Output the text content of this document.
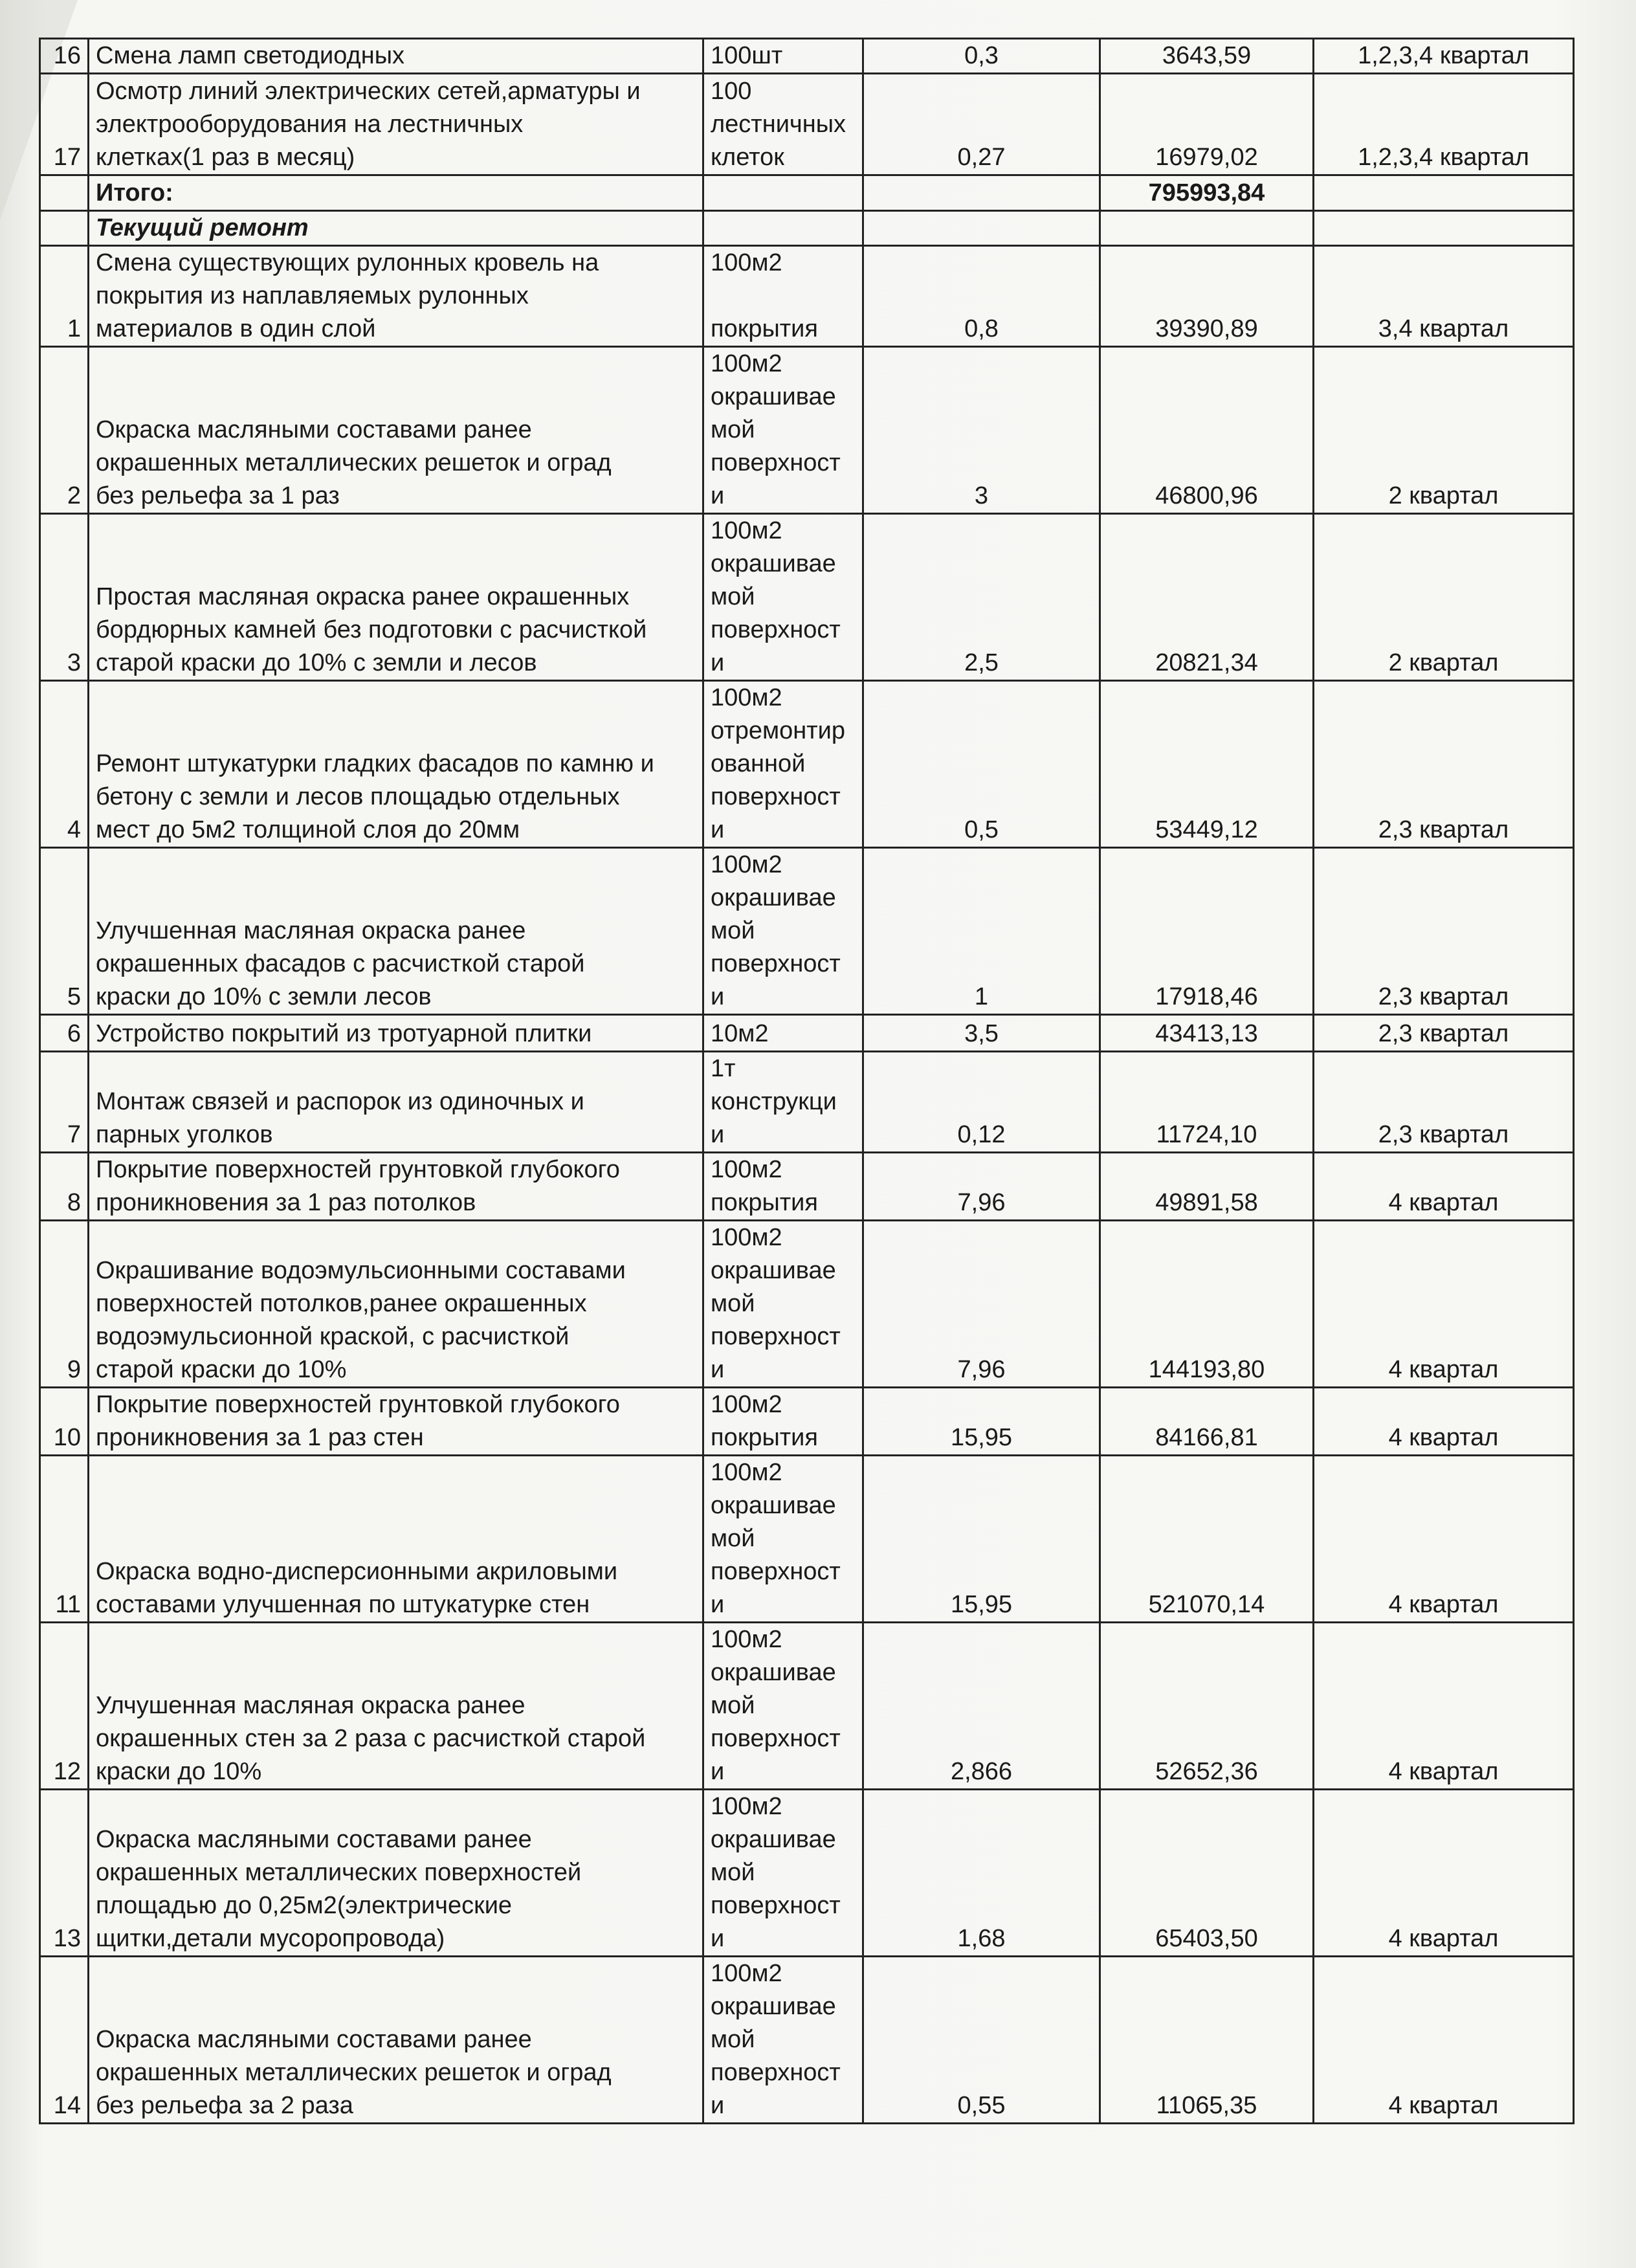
16	Смена ламп светодиодных	100шт	0,3	3643,59	1,2,3,4 квартал
17	Осмотр линий электрических сетей,арматуры и
электрооборудования на лестничных
клетках(1 раз в месяц)	100
лестничных
клеток	0,27	16979,02	1,2,3,4 квартал
	Итого:			795993,84	
	Текущий ремонт				
1	Смена существующих рулонных кровель на
покрытия из наплавляемых рулонных
материалов в один слой	100м2

покрытия	0,8	39390,89	3,4 квартал
2	Окраска масляными составами ранее
окрашенных металлических решеток и оград
без рельефа за 1 раз	100м2
окрашивае
мой
поверхност
и	3	46800,96	2 квартал
3	Простая масляная окраска ранее окрашенных
бордюрных камней без подготовки с расчисткой
старой краски до 10% с земли и лесов	100м2
окрашивае
мой
поверхност
и	2,5	20821,34	2 квартал
4	Ремонт штукатурки гладких фасадов по камню и
бетону с земли и лесов площадью отдельных
мест до 5м2 толщиной слоя до 20мм	100м2
отремонтир
ованной
поверхност
и	0,5	53449,12	2,3 квартал
5	Улучшенная масляная окраска ранее
окрашенных фасадов с расчисткой старой
краски до 10% с земли лесов	100м2
окрашивае
мой
поверхност
и	1	17918,46	2,3 квартал
6	Устройство покрытий из тротуарной плитки	10м2	3,5	43413,13	2,3 квартал
7	Монтаж связей и распорок из одиночных и
парных уголков	1т
конструкци
и	0,12	11724,10	2,3 квартал
8	Покрытие поверхностей грунтовкой глубокого
проникновения за 1 раз потолков	100м2
покрытия	7,96	49891,58	4 квартал
9	Окрашивание водоэмульсионными составами
поверхностей потолков,ранее окрашенных
водоэмульсионной краской, с расчисткой
старой краски до 10%	100м2
окрашивае
мой
поверхност
и	7,96	144193,80	4 квартал
10	Покрытие поверхностей грунтовкой глубокого
проникновения за 1 раз стен	100м2
покрытия	15,95	84166,81	4 квартал
11	Окраска водно-дисперсионными акриловыми
составами улучшенная по штукатурке стен	100м2
окрашивае
мой
поверхност
и	15,95	521070,14	4 квартал
12	Улчушенная масляная окраска ранее
окрашенных стен за 2 раза с расчисткой старой
краски до 10%	100м2
окрашивае
мой
поверхност
и	2,866	52652,36	4 квартал
13	Окраска масляными составами ранее
окрашенных металлических поверхностей
площадью до 0,25м2(электрические
щитки,детали мусоропровода)	100м2
окрашивае
мой
поверхност
и	1,68	65403,50	4 квартал
14	Окраска масляными составами ранее
окрашенных металлических решеток и оград
без рельефа за 2 раза	100м2
окрашивае
мой
поверхност
и	0,55	11065,35	4 квартал
